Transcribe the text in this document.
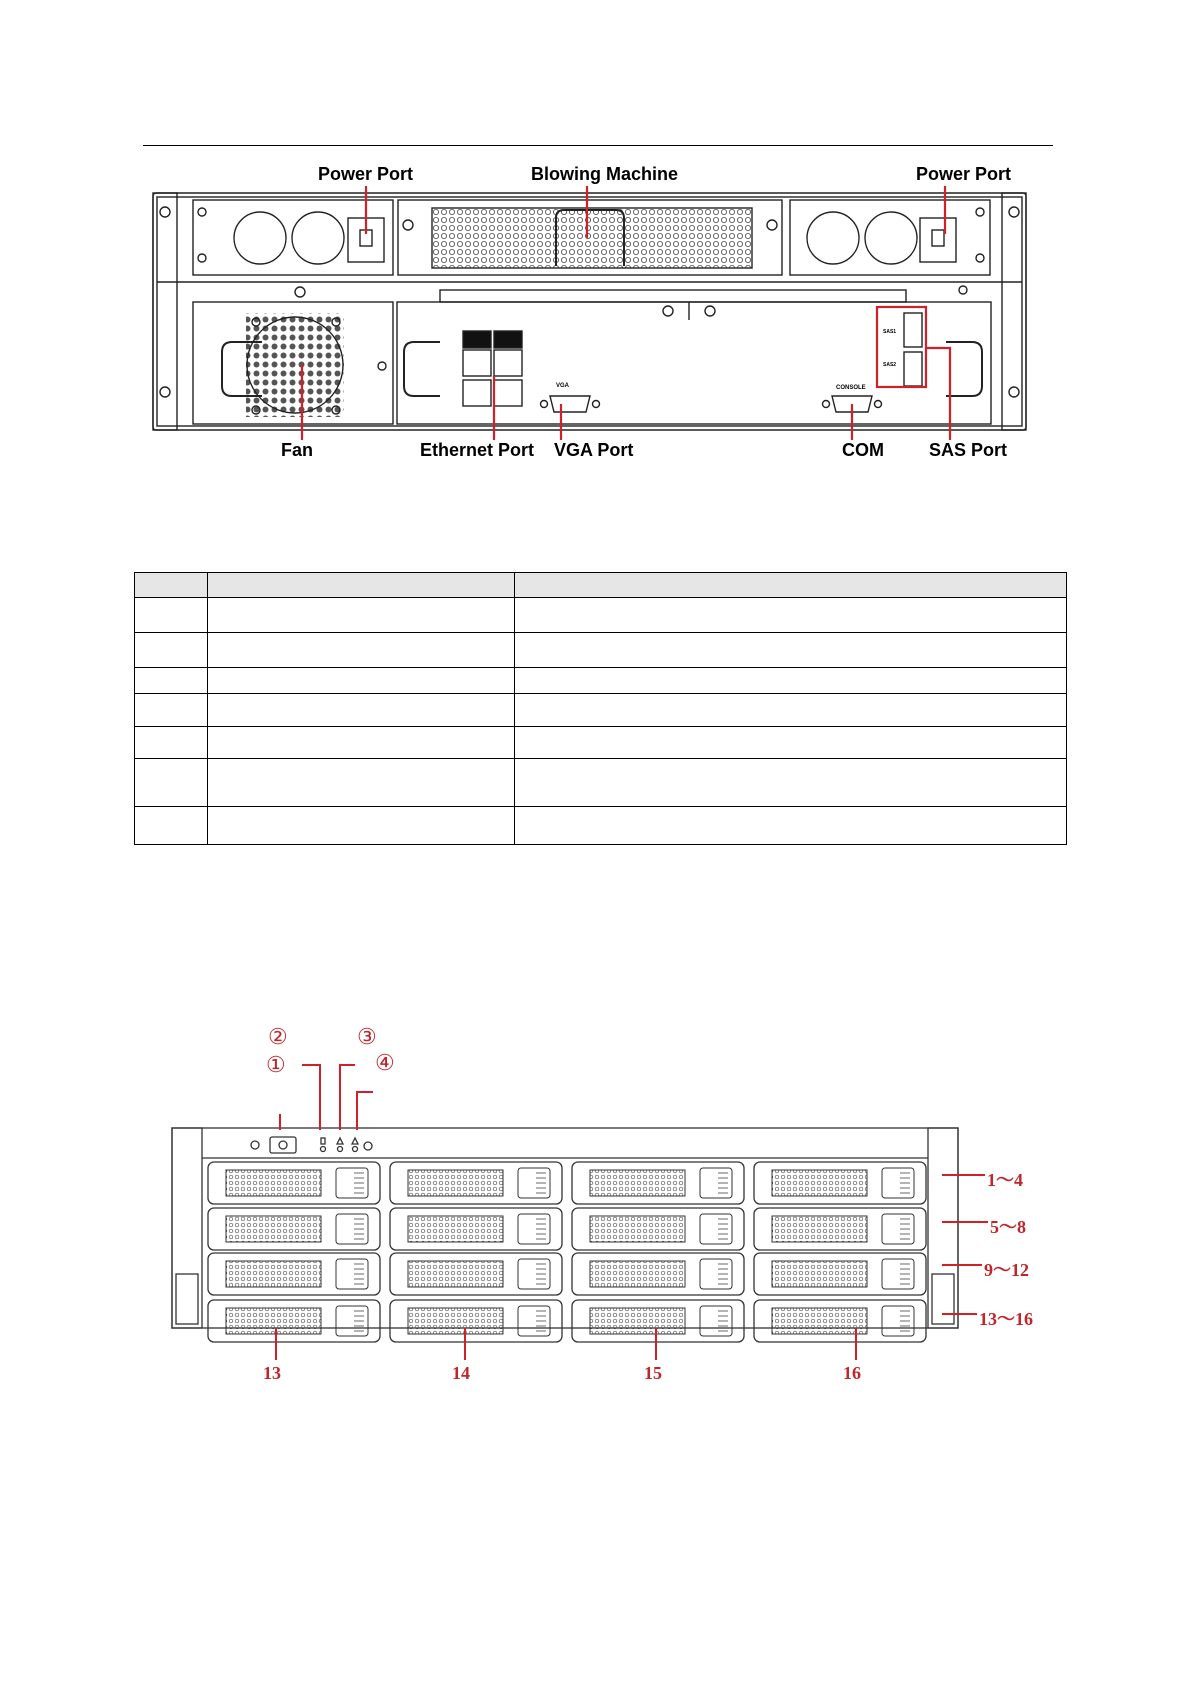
Power Port	Blowing Machine	Power Port
Fan	Ethernet Port VGA Port	COM	SAS Port
VGA	CONSOLE
SAS1
SAS2

①
②	③
④
1～4
5～8
9～12
13～16
13	14	15	16
